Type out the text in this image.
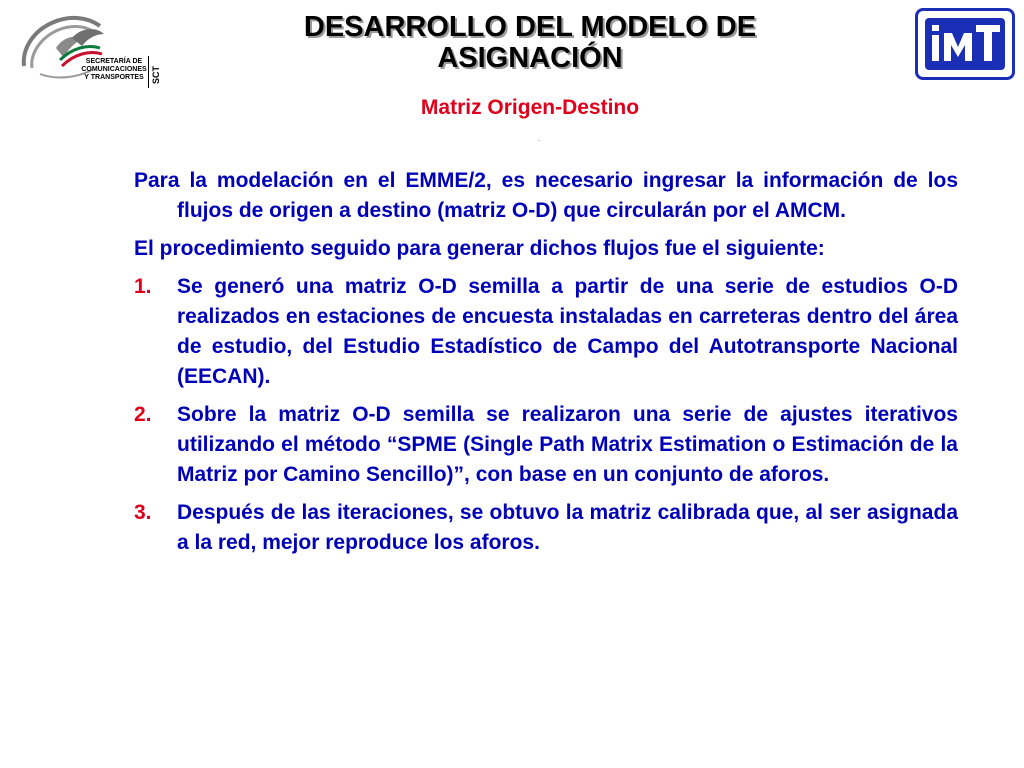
SECRETARÍA DE
COMUNICACIONES
Y TRANSPORTES SCT
DESARROLLO DEL MODELO DE
ASIGNACIÓN
Matriz Origen-Destino
.

Para la modelación en el EMME/2, es necesario ingresar la información de los flujos de origen a destino (matriz O-D) que circularán por el AMCM.

El procedimiento seguido para generar dichos flujos fue el siguiente:

1. Se generó una matriz O-D semilla a partir de una serie de estudios O-D realizados en estaciones de encuesta instaladas en carreteras dentro del área de estudio, del Estudio Estadístico de Campo del Autotransporte Nacional (EECAN).
2. Sobre la matriz O-D semilla se realizaron una serie de ajustes iterativos utilizando el método “SPME (Single Path Matrix Estimation o Estimación de la Matriz por Camino Sencillo)”, con base en un conjunto de aforos.
3. Después de las iteraciones, se obtuvo la matriz calibrada que, al ser asignada a la red, mejor reproduce los aforos.
